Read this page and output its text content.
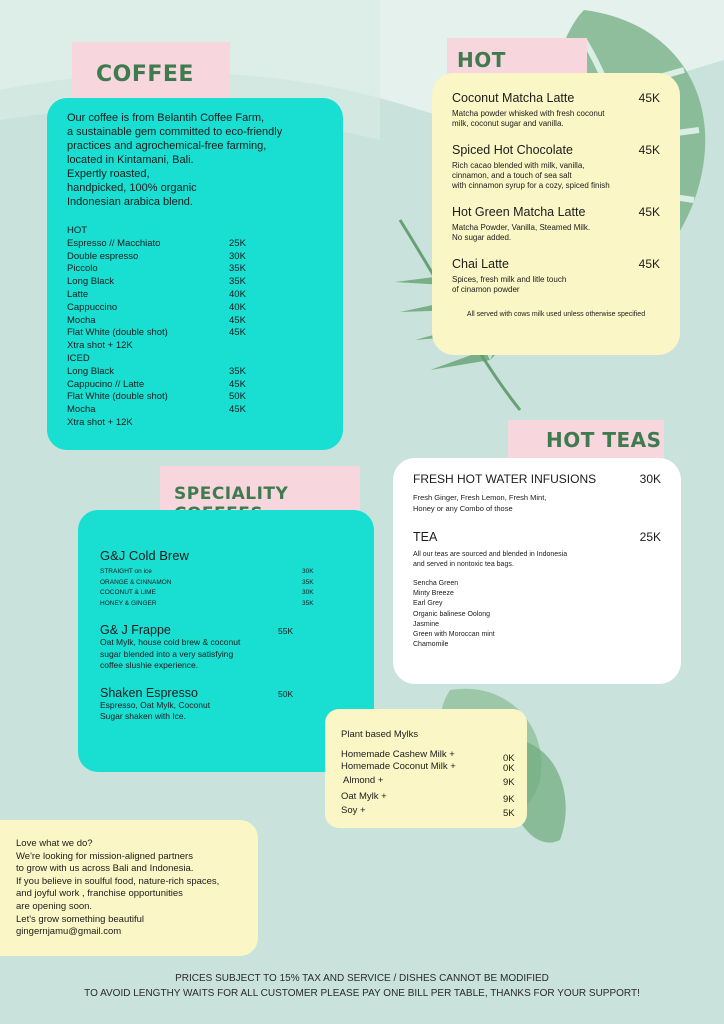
COFFEE
Our coffee is from Belantih Coffee Farm,
a sustainable gem committed to eco-friendly
practices and agrochemical-free farming,
located in Kintamani, Bali.
Expertly roasted,
handpicked, 100% organic
Indonesian arabica blend.
HOT
Espresso // Macchiato	25K
Double espresso	30K
Piccolo	35K
Long Black	35K
Latte	40K
Cappuccino	40K
Mocha	45K
Flat White (double shot)	45K
Xtra shot + 12K
ICED
Long Black	35K
Cappucino // Latte	45K
Flat White (double shot)	50K
Mocha	45K
Xtra shot + 12K
HOT
Coconut Matcha Latte	45K
Matcha powder whisked with fresh coconut
milk, coconut sugar and vanilla.
Spiced Hot Chocolate	45K
Rich cacao blended with milk, vanilla,
cinnamon, and a touch of sea salt
with cinnamon syrup for a cozy, spiced finish
Hot Green Matcha Latte	45K
Matcha Powder, Vanilla, Steamed Milk.
No sugar added.
Chai Latte	45K
Spices, fresh milk and litle touch
of cinamon powder
All served with cows milk used unless otherwise specified
HOT TEAS
FRESH HOT WATER INFUSIONS	30K
Fresh Ginger, Fresh Lemon, Fresh Mint,
Honey or any Combo of those
TEA	25K
All our teas are sourced and blended in Indonesia
and served in nontoxic tea bags.
Sencha Green
Minty Breeze
Earl Grey
Organic balinese Oolong
Jasmine
Green with Moroccan mint
Chamomile
SPECIALITY
G&J Cold Brew
STRAIGHT on ice	30K
ORANGE & CINNAMON	35K
COCONUT & LIME	30K
HONEY & GINGER	35K
G& J Frappe	55K
Oat Mylk, house cold brew & coconut
sugar blended into a very satisfying
coffee slushie experience.
Shaken Espresso	50K
Espresso, Oat Mylk, Coconut
Sugar shaken with Ice.
Plant based Mylks
Homemade Cashew Milk +	0K
Homemade Coconut Milk +	0K
Almond +	9K
Oat Mylk +	9K
Soy +	5K
Love what we do?
We're looking for mission-aligned partners
to grow with us across Bali and Indonesia.
If you believe in soulful food, nature-rich spaces,
and joyful work , franchise opportunities
are opening soon.
Let's grow something beautiful
gingernjamu@gmail.com
PRICES SUBJECT TO 15% TAX AND SERVICE / DISHES CANNOT BE MODIFIED
TO AVOID LENGTHY WAITS FOR ALL CUSTOMER PLEASE PAY ONE BILL PER TABLE, THANKS FOR YOUR SUPPORT!
